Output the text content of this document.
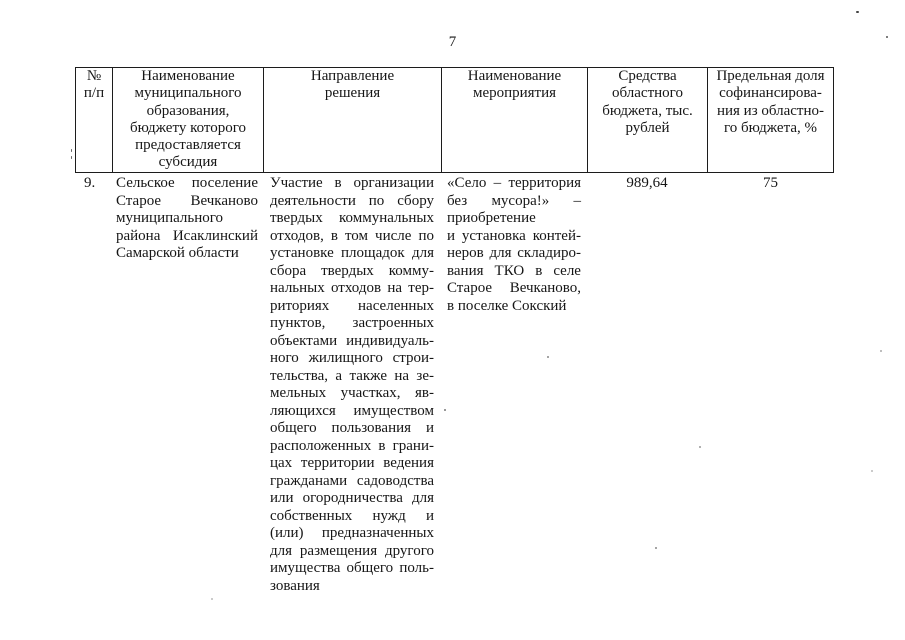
7
№
п/п
Наименование
муниципального
образования,
бюджету которого
предоставляется
субсидия
Направление
решения
Наименование
мероприятия
Средства
областного
бюджета, тыс.
рублей
Предельная доля
софинансирова-
ния из областно-
го бюджета, %
9.	Сельское поселение
Старое Вечканово
муниципального
района Исаклинский
Самарской области
Участие в организации
деятельности по сбору
твердых коммунальных
отходов, в том числе по
установке площадок для
сбора твердых комму-
нальных отходов на тер-
риториях населенных
пунктов, застроенных
объектами индивидуаль-
ного жилищного строи-
тельства, а также на зе-
мельных участках, яв-
ляющихся имуществом
общего пользования и
расположенных в грани-
цах территории ведения
гражданами садоводства
или огородничества для
собственных нужд и
(или) предназначенных
для размещения другого
имущества общего поль-
зования
«Село – территория
без мусора!» –
приобретение
и установка контей-
неров для складиро-
вания ТКО в селе
Старое Вечканово,
в поселке Сокский
989,64	75
